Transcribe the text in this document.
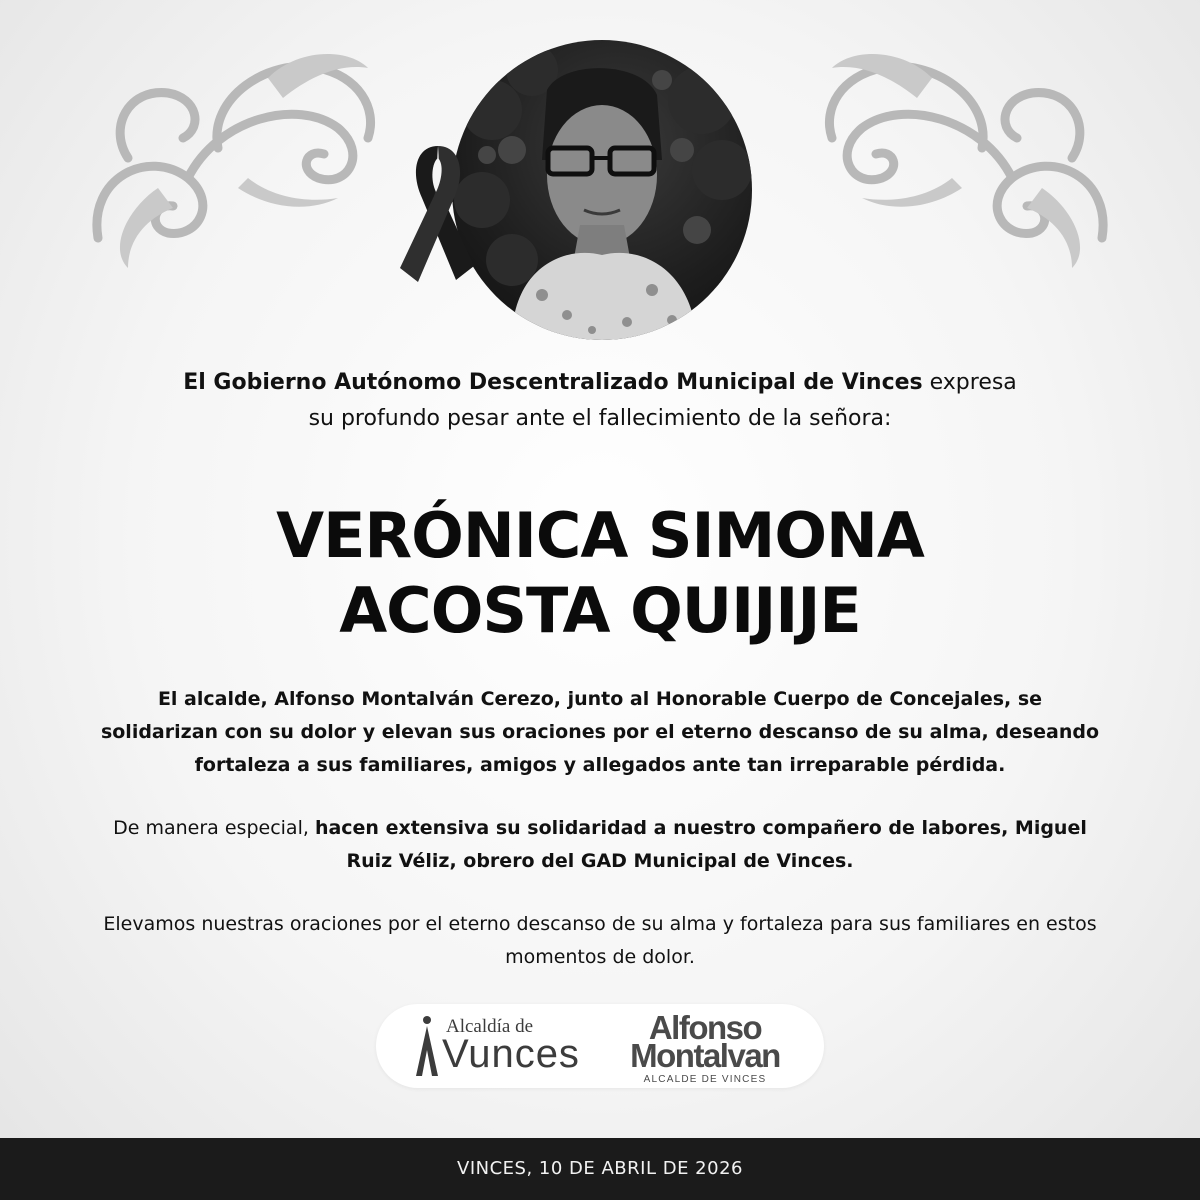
El Gobierno Autónomo Descentralizado Municipal de Vinces expresa su profundo pesar ante el fallecimiento de la señora:
VERÓNICA SIMONA
ACOSTA QUIJIJE
El alcalde, Alfonso Montalván Cerezo, junto al Honorable Cuerpo de Concejales, se solidarizan con su dolor y elevan sus oraciones por el eterno descanso de su alma, deseando fortaleza a sus familiares, amigos y allegados ante tan irreparable pérdida.
De manera especial, hacen extensiva su solidaridad a nuestro compañero de labores, Miguel Ruiz Véliz, obrero del GAD Municipal de Vinces.
Elevamos nuestras oraciones por el eterno descanso de su alma y fortaleza para sus familiares en estos momentos de dolor.
Alcaldía de
Vunces
Alfonso
Montalvan
ALCALDE DE VINCES
VINCES, 10 DE ABRIL DE 2026
